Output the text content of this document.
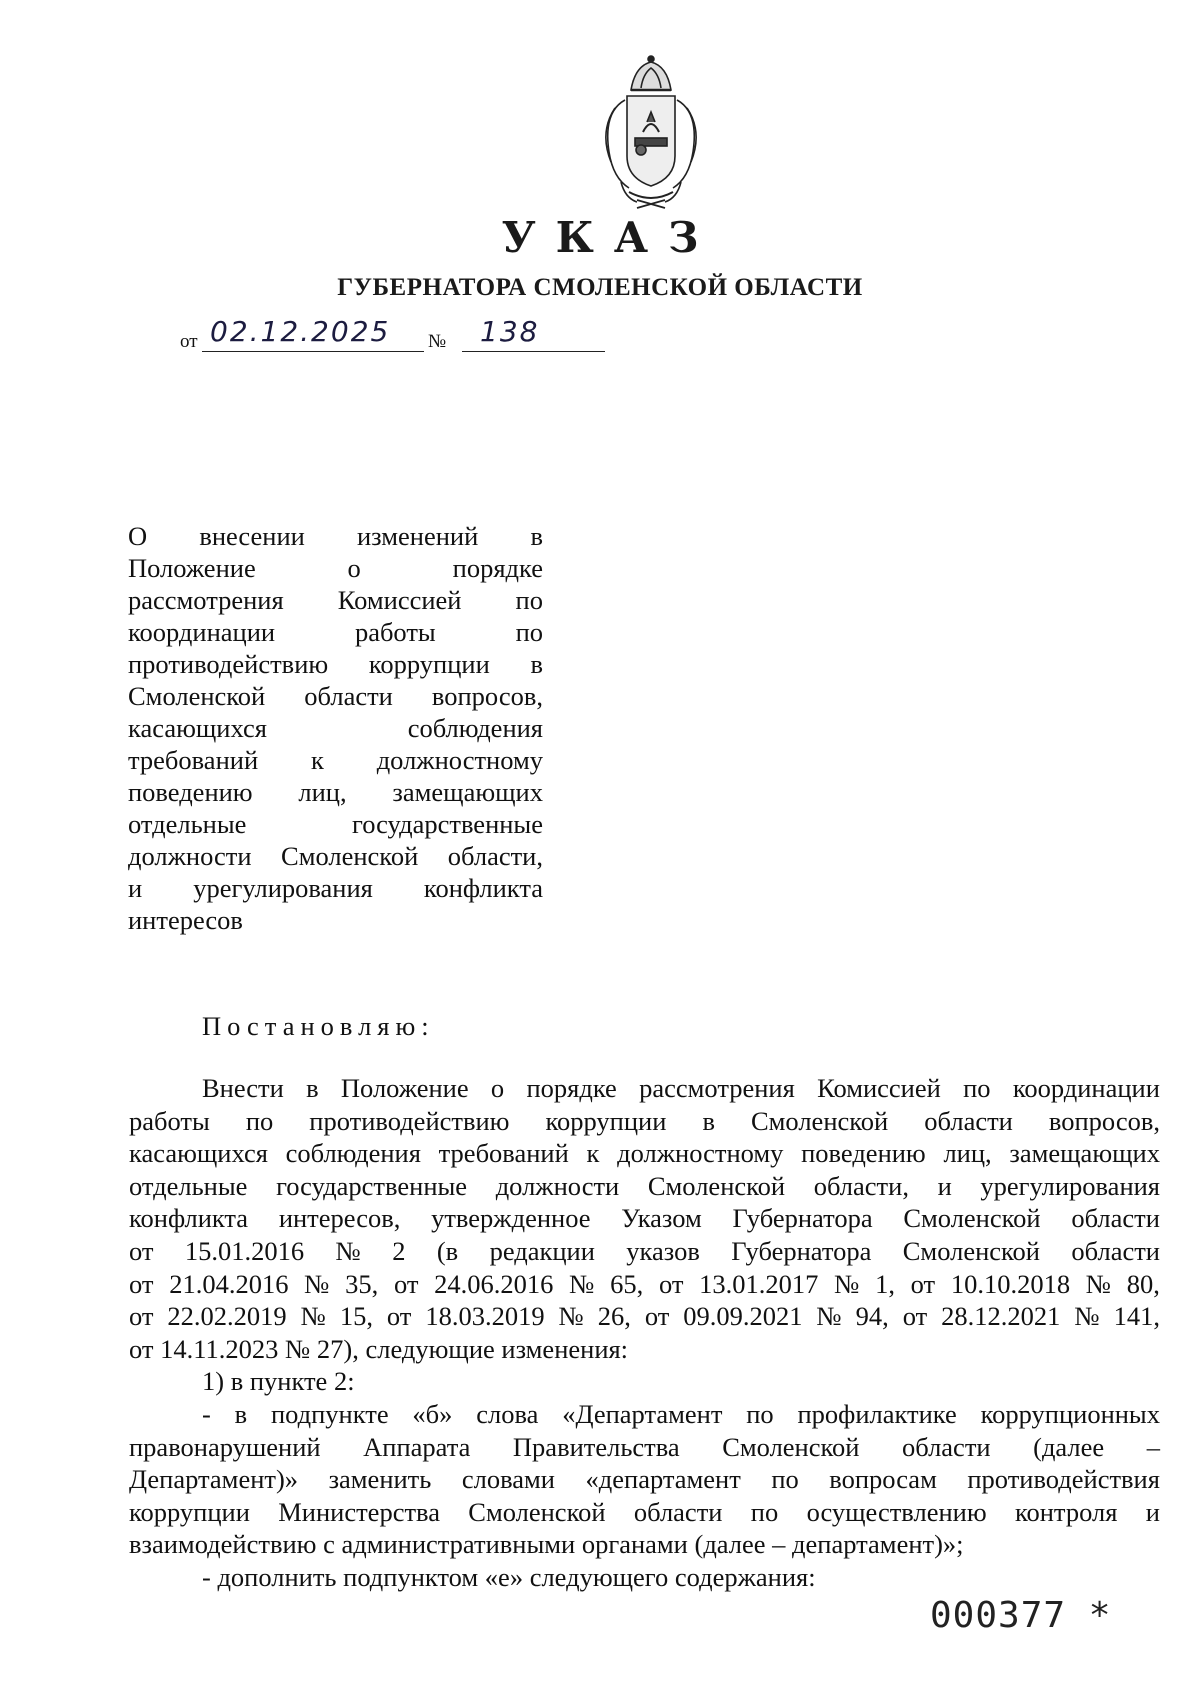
УКАЗ
ГУБЕРНАТОРА СМОЛЕНСКОЙ ОБЛАСТИ
от 02.12.2025 № 138
О внесении изменений в
Положение	о	порядке
рассмотрения Комиссией по
координации	работы	по
противодействию коррупции в
Смоленской области вопросов,
касающихся	соблюдения
требований к должностному
поведению лиц, замещающих
отдельные	государственные
должности Смоленской области,
и урегулирования конфликта
интересов
Постановляю:
Внести в Положение о порядке рассмотрения Комиссией по координации
работы по противодействию коррупции в Смоленской области вопросов,
касающихся соблюдения требований к должностному поведению лиц, замещающих
отдельные государственные должности Смоленской области, и урегулирования
конфликта интересов, утвержденное Указом Губернатора Смоленской области
от 15.01.2016 № 2 (в редакции указов Губернатора Смоленской области
от 21.04.2016 № 35, от 24.06.2016 № 65, от 13.01.2017 № 1, от 10.10.2018 № 80,
от 22.02.2019 № 15, от 18.03.2019 № 26, от 09.09.2021 № 94, от 28.12.2021 № 141,
от 14.11.2023 № 27), следующие изменения:
1) в пункте 2:
- в подпункте «б» слова «Департамент по профилактике коррупционных
правонарушений Аппарата Правительства Смоленской области (далее –
Департамент)» заменить словами «департамент по вопросам противодействия
коррупции Министерства Смоленской области по осуществлению контроля и
взаимодействию с административными органами (далее – департамент)»;
- дополнить подпунктом «е» следующего содержания:
000377 *
